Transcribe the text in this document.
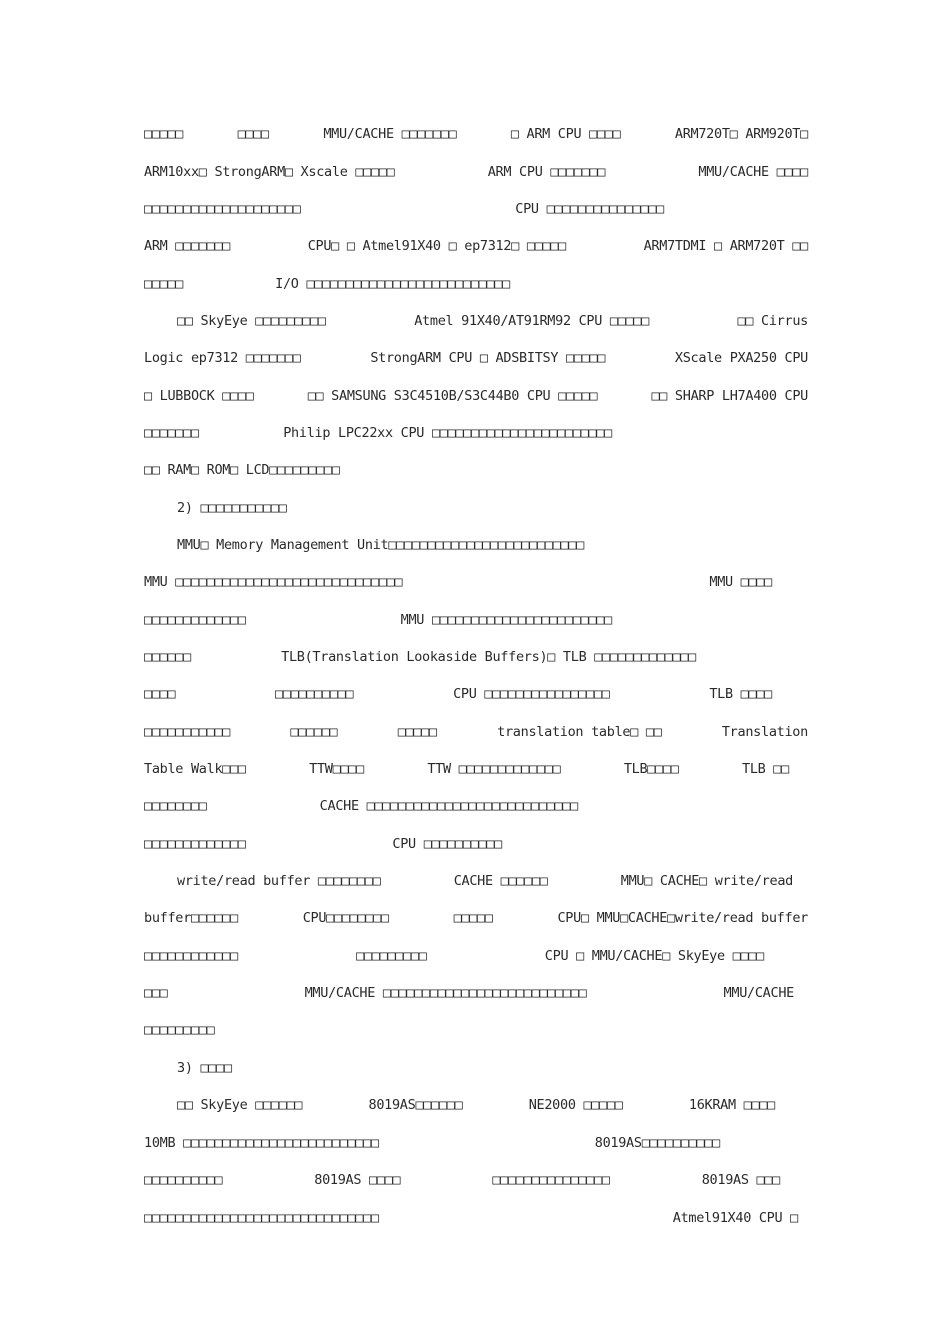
□□□□□	□□□□	MMU/CACHE □□□□□□□	□ ARM CPU □□□□	ARM720T□ ARM920T□
ARM10xx□ StrongARM□ Xscale □□□□□	ARM CPU □□□□□□□	MMU/CACHE □□□□
□□□□□□□□□□□□□□□□□□□□	CPU □□□□□□□□□□□□□□□
ARM □□□□□□□	CPU□ □ Atmel91X40 □ ep7312□ □□□□□	ARM7TDMI □ ARM720T □□
□□□□□	I/O □□□□□□□□□□□□□□□□□□□□□□□□□□
□□ SkyEye □□□□□□□□□	Atmel 91X40/AT91RM92 CPU □□□□□	□□ Cirrus
Logic ep7312 □□□□□□□	StrongARM CPU □ ADSBITSY □□□□□	XScale PXA250 CPU
□ LUBBOCK □□□□	□□ SAMSUNG S3C4510B/S3C44B0 CPU □□□□□	□□ SHARP LH7A400 CPU
□□□□□□□	Philip LPC22xx CPU □□□□□□□□□□□□□□□□□□□□□□□
□□ RAM□ ROM□ LCD□□□□□□□□□
2) □□□□□□□□□□□
MMU□ Memory Management Unit□□□□□□□□□□□□□□□□□□□□□□□□□
MMU □□□□□□□□□□□□□□□□□□□□□□□□□□□□□	MMU □□□□
□□□□□□□□□□□□□	MMU □□□□□□□□□□□□□□□□□□□□□□□
□□□□□□	TLB(Translation Lookaside Buffers)□ TLB □□□□□□□□□□□□□
□□□□	□□□□□□□□□□	CPU □□□□□□□□□□□□□□□□	TLB □□□□
□□□□□□□□□□□	□□□□□□	□□□□□	translation table□ □□	Translation
Table Walk□□□	TTW□□□□	TTW □□□□□□□□□□□□□	TLB□□□□	TLB □□
□□□□□□□□	CACHE □□□□□□□□□□□□□□□□□□□□□□□□□□□
□□□□□□□□□□□□□	CPU □□□□□□□□□□
write/read buffer □□□□□□□□	CACHE □□□□□□	MMU□ CACHE□ write/read
buffer□□□□□□	CPU□□□□□□□□	□□□□□	CPU□ MMU□CACHE□write/read buffer
□□□□□□□□□□□□	□□□□□□□□□	CPU □ MMU/CACHE□ SkyEye □□□□
□□□	MMU/CACHE □□□□□□□□□□□□□□□□□□□□□□□□□□	MMU/CACHE
□□□□□□□□□
3) □□□□
□□ SkyEye □□□□□□	8019AS□□□□□□	NE2000 □□□□□	16KRAM □□□□
10MB □□□□□□□□□□□□□□□□□□□□□□□□□	8019AS□□□□□□□□□□
□□□□□□□□□□	8019AS □□□□	□□□□□□□□□□□□□□□	8019AS □□□
□□□□□□□□□□□□□□□□□□□□□□□□□□□□□□	Atmel91X40 CPU □
